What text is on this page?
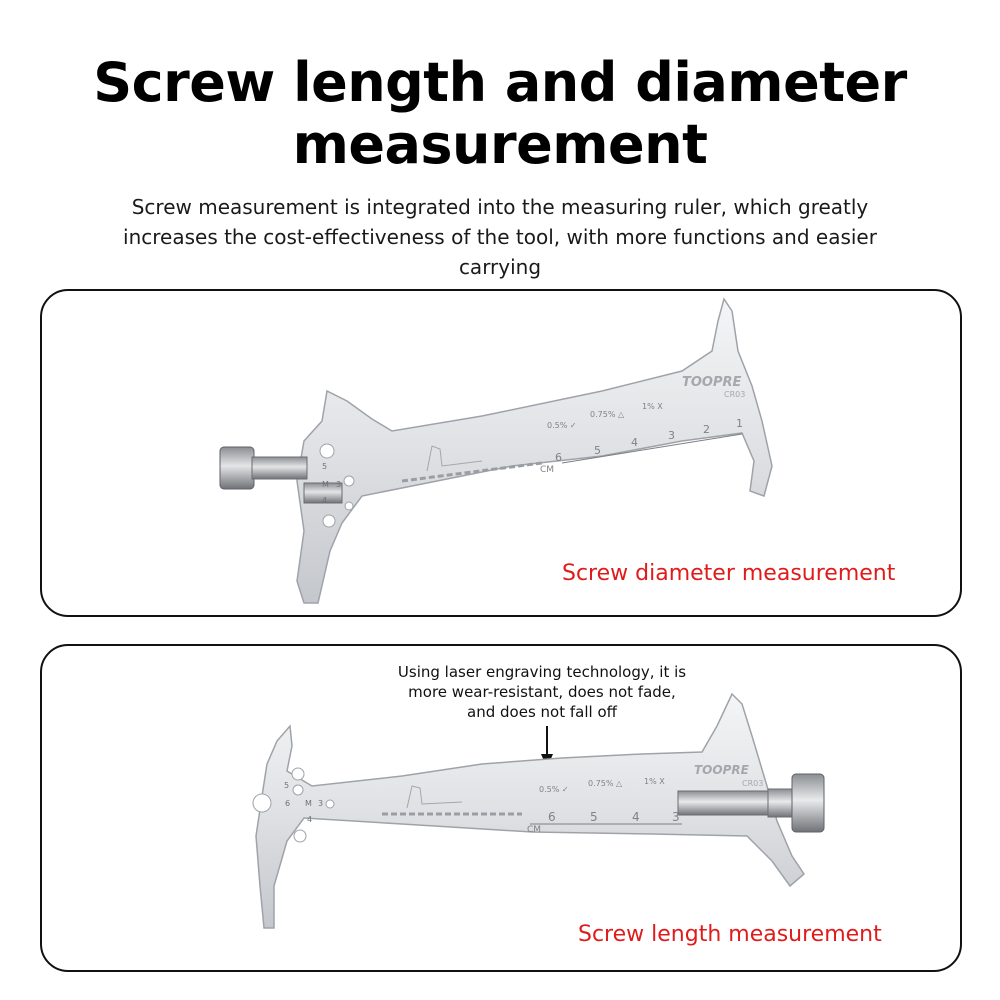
Screw length and diameter
measurement
Screw measurement is integrated into the measuring ruler, which greatly
increases the cost-effectiveness of the tool, with more functions and easier
carrying
TOOPRE
CR03
0.5% ✓
0.75% △
1% X
CM
6
5
4
3	2 1
5
M 3
4
Screw diameter measurement
Using laser engraving technology, it is
more wear-resistant, does not fade,
and does not fall off
TOOPRE
CR03
0.5% ✓
0.75% △	1% X
CM
6	5	4	3
5
M 3
4
6
Screw length measurement
